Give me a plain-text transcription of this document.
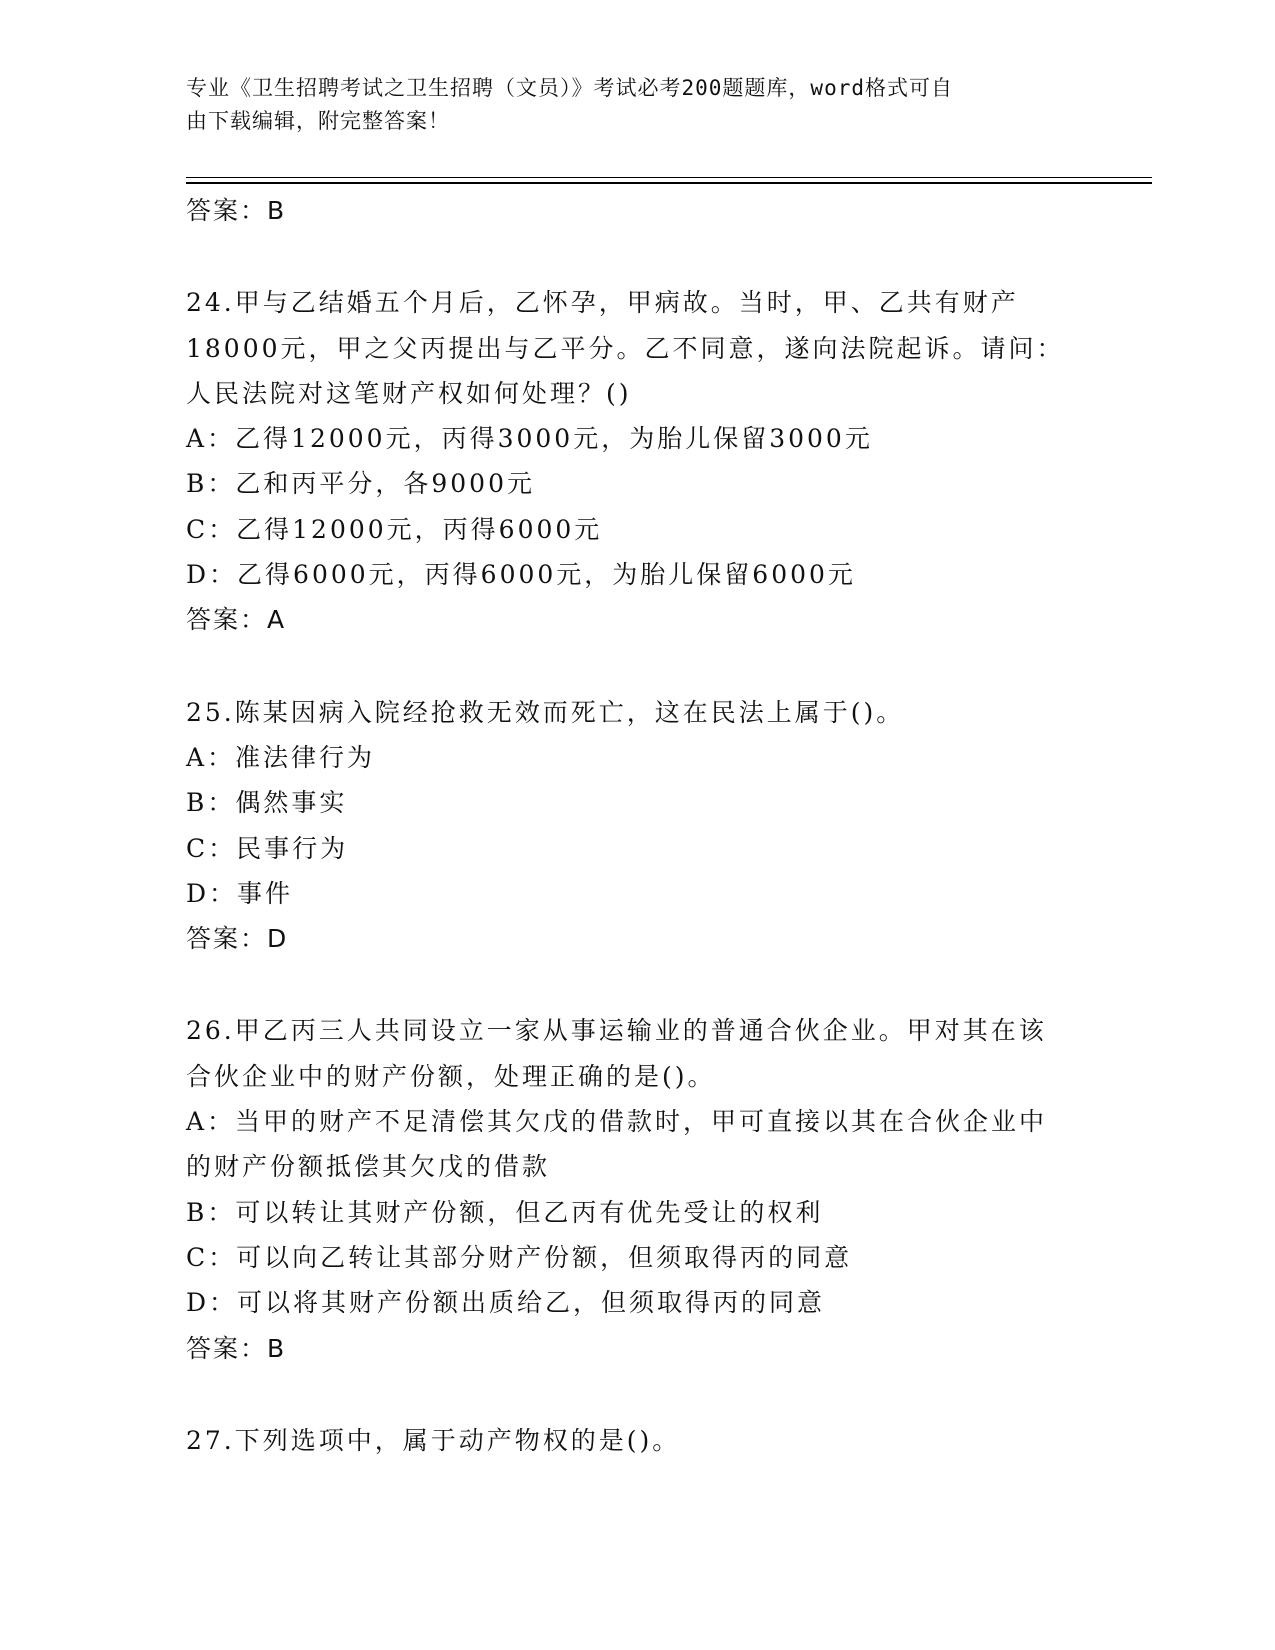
专业《卫生招聘考试之卫生招聘（文员）》考试必考200题题库，word格式可自
由下载编辑，附完整答案！
答案：B
24.甲与乙结婚五个月后，乙怀孕，甲病故。当时，甲、乙共有财产
18000元，甲之父丙提出与乙平分。乙不同意，遂向法院起诉。请问：
人民法院对这笔财产权如何处理？()
A：乙得12000元，丙得3000元，为胎儿保留3000元
B：乙和丙平分，各9000元
C：乙得12000元，丙得6000元
D：乙得6000元，丙得6000元，为胎儿保留6000元
答案：A
25.陈某因病入院经抢救无效而死亡，这在民法上属于()。
A：准法律行为
B：偶然事实
C：民事行为
D：事件
答案：D
26.甲乙丙三人共同设立一家从事运输业的普通合伙企业。甲对其在该
合伙企业中的财产份额，处理正确的是()。
A：当甲的财产不足清偿其欠戊的借款时，甲可直接以其在合伙企业中
的财产份额抵偿其欠戊的借款
B：可以转让其财产份额，但乙丙有优先受让的权利
C：可以向乙转让其部分财产份额，但须取得丙的同意
D：可以将其财产份额出质给乙，但须取得丙的同意
答案：B
27.下列选项中，属于动产物权的是()。
